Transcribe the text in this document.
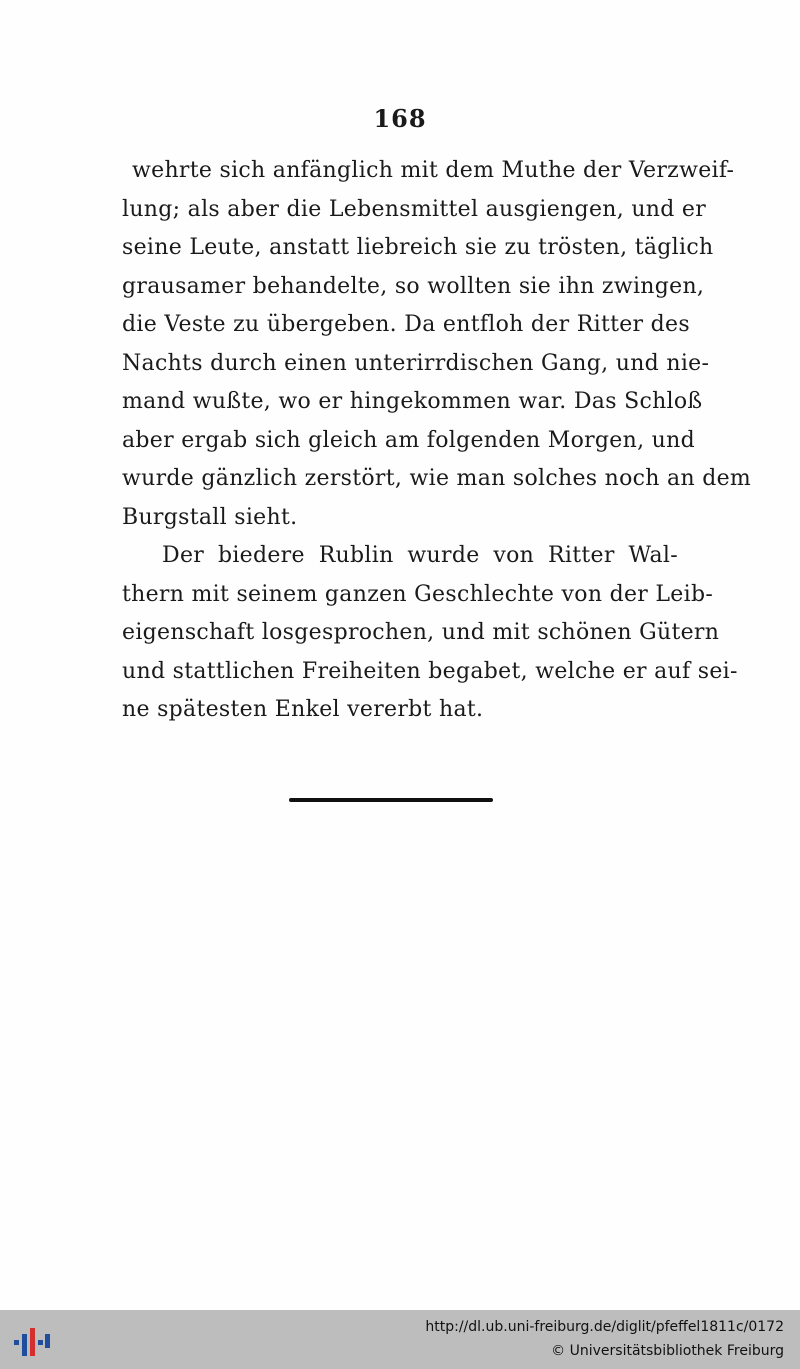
168
wehrte sich anfänglich mit dem Muthe der Verzweif-
lung; als aber die Lebensmittel ausgiengen, und er
seine Leute, anstatt liebreich sie zu trösten, täglich
grausamer behandelte, so wollten sie ihn zwingen,
die Veste zu übergeben. Da entfloh der Ritter des
Nachts durch einen unterirrdischen Gang, und nie-
mand wußte, wo er hingekommen war. Das Schloß
aber ergab sich gleich am folgenden Morgen, und
wurde gänzlich zerstört, wie man solches noch an dem
Burgstall sieht.
Der biedere Rublin wurde von Ritter Wal-
thern mit seinem ganzen Geschlechte von der Leib-
eigenschaft losgesprochen, und mit schönen Gütern
und stattlichen Freiheiten begabet, welche er auf sei-
ne spätesten Enkel vererbt hat.
http://dl.ub.uni-freiburg.de/diglit/pfeffel1811c/0172
© Universitätsbibliothek Freiburg
